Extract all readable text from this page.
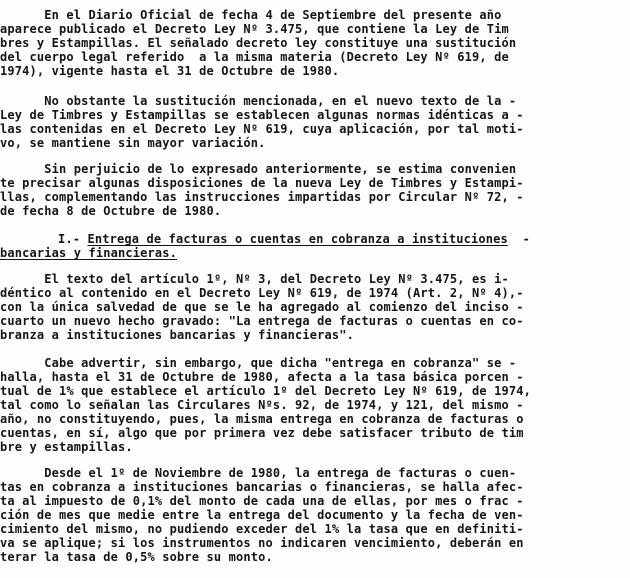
En el Diario Oficial de fecha 4 de Septiembre del presente año
aparece publicado el Decreto Ley Nº 3.475, que contiene la Ley de Tim
bres y Estampillas. El señalado decreto ley constituye una sustitución
del cuerpo legal referido  a la misma materia (Decreto Ley Nº 619, de
1974), vigente hasta el 31 de Octubre de 1980.
No obstante la sustitución mencionada, en el nuevo texto de la -
Ley de Timbres y Estampillas se establecen algunas normas idénticas a -
las contenidas en el Decreto Ley Nº 619, cuya aplicación, por tal moti-
vo, se mantiene sin mayor variación.
Sin perjuicio de lo expresado anteriormente, se estima convenien
te precisar algunas disposiciones de la nueva Ley de Timbres y Estampi-
llas, complementando las instrucciones impartidas por Circular Nº 72, -
de fecha 8 de Octubre de 1980.
I.- Entrega de facturas o cuentas en cobranza a instituciones  -
bancarias y financieras.
El texto del artículo 1º, Nº 3, del Decreto Ley Nº 3.475, es i-
déntico al contenido en el Decreto Ley Nº 619, de 1974 (Art. 2, Nº 4),-
con la única salvedad de que se le ha agregado al comienzo del inciso -
cuarto un nuevo hecho gravado: "La entrega de facturas o cuentas en co-
branza a instituciones bancarias y financieras".
Cabe advertir, sin embargo, que dicha "entrega en cobranza" se -
halla, hasta el 31 de Octubre de 1980, afecta a la tasa básica porcen -
tual de 1% que establece el artículo 1º del Decreto Ley Nº 619, de 1974,
tal como lo señalan las Circulares Nºs. 92, de 1974, y 121, del mismo -
año, no constituyendo, pues, la misma entrega en cobranza de facturas o
cuentas, en sí, algo que por primera vez debe satisfacer tributo de tim
bre y estampillas.
Desde el 1º de Noviembre de 1980, la entrega de facturas o cuen-
tas en cobranza a instituciones bancarias o financieras, se halla afec-
ta al impuesto de 0,1% del monto de cada una de ellas, por mes o frac -
ción de mes que medie entre la entrega del documento y la fecha de ven-
cimiento del mismo, no pudiendo exceder del 1% la tasa que en definiti-
va se aplique; si los instrumentos no indicaren vencimiento, deberán en
terar la tasa de 0,5% sobre su monto.
